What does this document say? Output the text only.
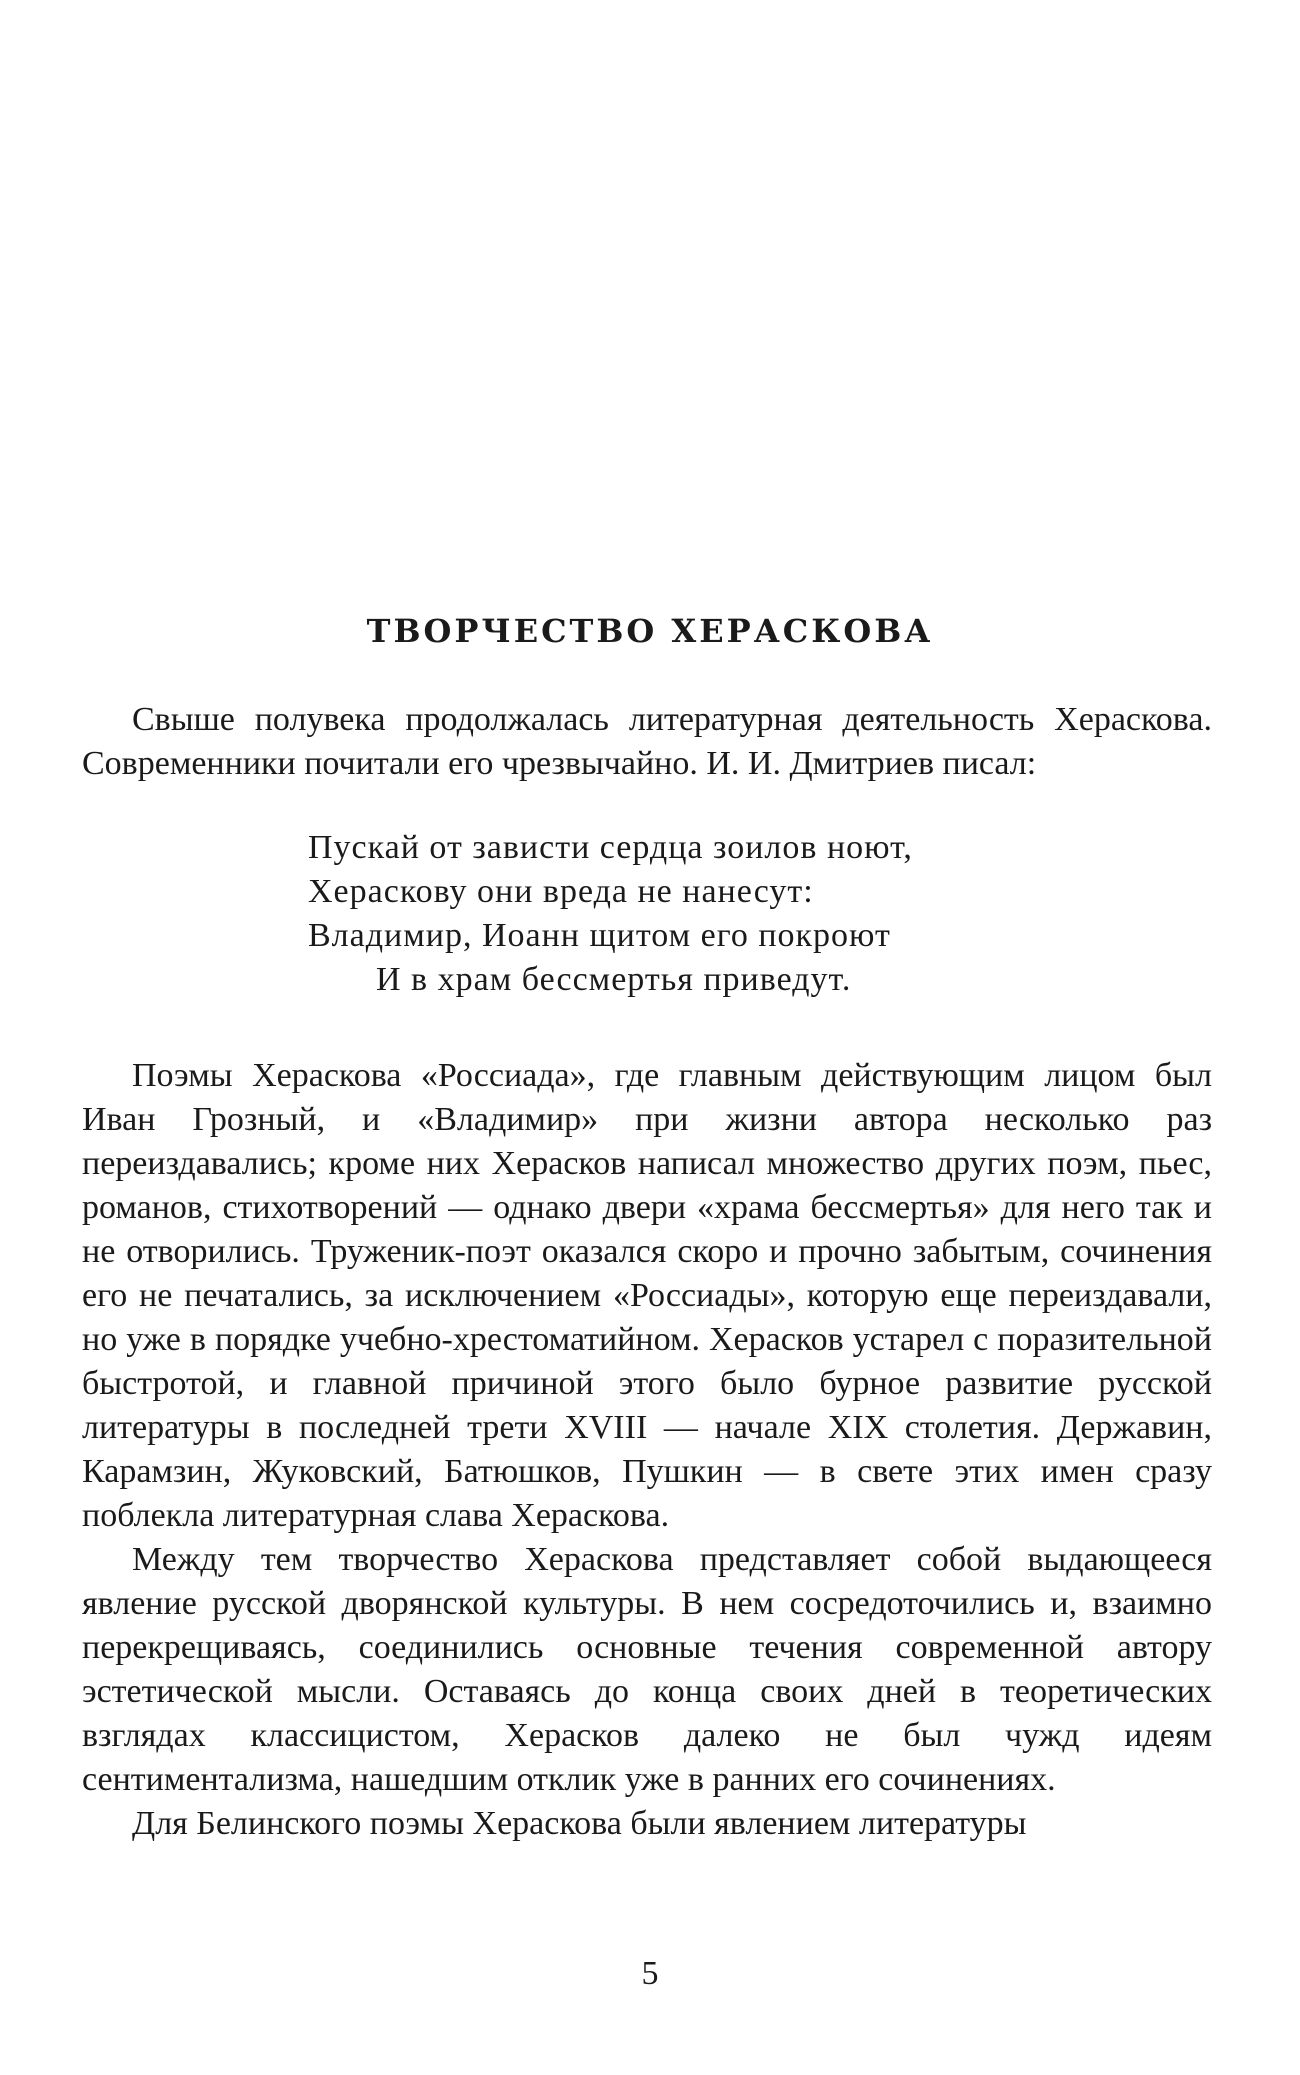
ТВОРЧЕСТВО ХЕРАСКОВА

Свыше полувека продолжалась литературная деятельность Хераскова. Современники почитали его чрезвычайно. И. И. Дмитриев писал:

Пускай от зависти сердца зоилов ноют,
Хераскову они вреда не нанесут:
Владимир, Иоанн щитом его покроют
И в храм бессмертья приведут.

Поэмы Хераскова «Россиада», где главным действующим лицом был Иван Грозный, и «Владимир» при жизни автора несколько раз переиздавались; кроме них Херасков написал множество других поэм, пьес, романов, стихотворений — однако двери «храма бессмертья» для него так и не отворились. Труженик-поэт оказался скоро и прочно забытым, сочинения его не печатались, за исключением «Россиады», которую еще переиздавали, но уже в порядке учебно-хрестоматийном. Херасков устарел с поразительной быстротой, и главной причиной этого было бурное развитие русской литературы в последней трети XVIII — начале XIX столетия. Державин, Карамзин, Жуковский, Батюшков, Пушкин — в свете этих имен сразу поблекла литературная слава Хераскова.

Между тем творчество Хераскова представляет собой выдающееся явление русской дворянской культуры. В нем сосредоточились и, взаимно перекрещиваясь, соединились основные течения современной автору эстетической мысли. Оставаясь до конца своих дней в теоретических взглядах классицистом, Херасков далеко не был чужд идеям сентиментализма, нашедшим отклик уже в ранних его сочинениях.

Для Белинского поэмы Хераскова были явлением литературы

5
